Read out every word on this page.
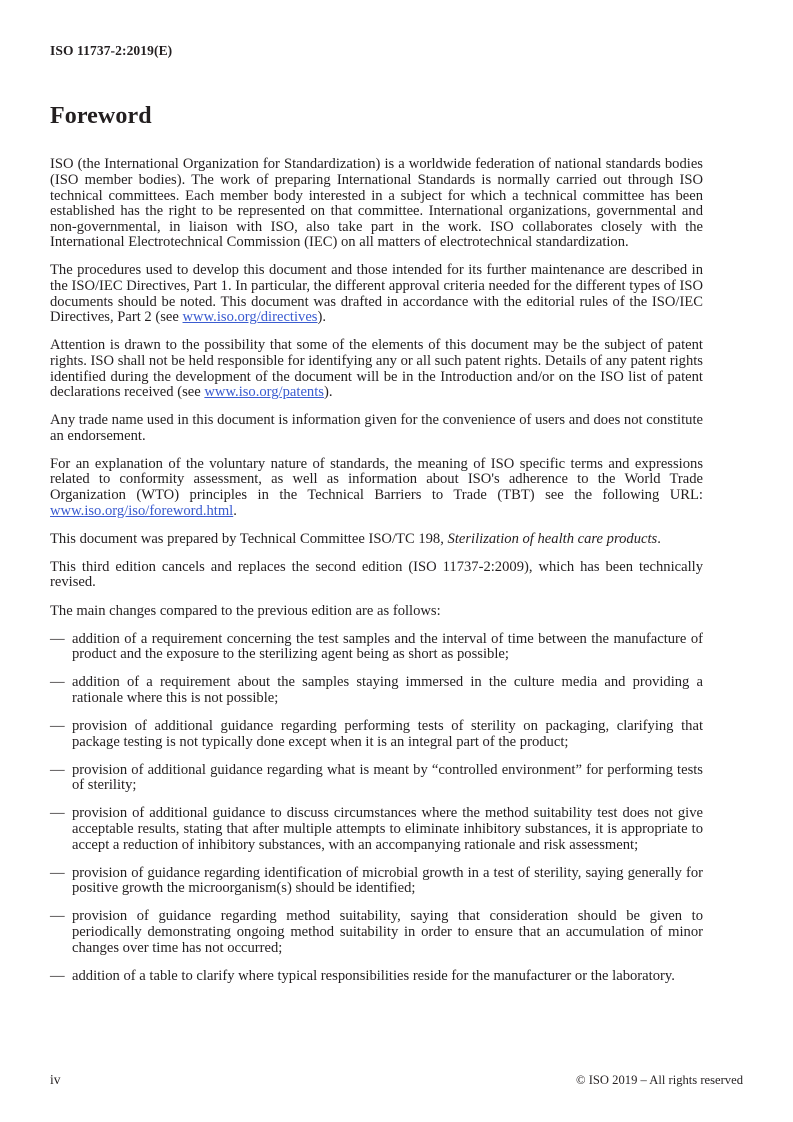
ISO 11737-2:2019(E)
Foreword

ISO (the International Organization for Standardization) is a worldwide federation of national standards bodies (ISO member bodies). The work of preparing International Standards is normally carried out through ISO technical committees. Each member body interested in a subject for which a technical committee has been established has the right to be represented on that committee. International organizations, governmental and non-governmental, in liaison with ISO, also take part in the work. ISO collaborates closely with the International Electrotechnical Commission (IEC) on all matters of electrotechnical standardization.

The procedures used to develop this document and those intended for its further maintenance are described in the ISO/IEC Directives, Part 1. In particular, the different approval criteria needed for the different types of ISO documents should be noted. This document was drafted in accordance with the editorial rules of the ISO/IEC Directives, Part 2 (see www.iso.org/directives).

Attention is drawn to the possibility that some of the elements of this document may be the subject of patent rights. ISO shall not be held responsible for identifying any or all such patent rights. Details of any patent rights identified during the development of the document will be in the Introduction and/or on the ISO list of patent declarations received (see www.iso.org/patents).

Any trade name used in this document is information given for the convenience of users and does not constitute an endorsement.

For an explanation of the voluntary nature of standards, the meaning of ISO specific terms and expressions related to conformity assessment, as well as information about ISO's adherence to the World Trade Organization (WTO) principles in the Technical Barriers to Trade (TBT) see the following URL: www.iso.org/iso/foreword.html.

This document was prepared by Technical Committee ISO/TC 198, Sterilization of health care products.

This third edition cancels and replaces the second edition (ISO 11737-2:2009), which has been technically revised.

The main changes compared to the previous edition are as follows:

— addition of a requirement concerning the test samples and the interval of time between the manufacture of product and the exposure to the sterilizing agent being as short as possible;
— addition of a requirement about the samples staying immersed in the culture media and providing a rationale where this is not possible;
— provision of additional guidance regarding performing tests of sterility on packaging, clarifying that package testing is not typically done except when it is an integral part of the product;
— provision of additional guidance regarding what is meant by “controlled environment” for performing tests of sterility;
— provision of additional guidance to discuss circumstances where the method suitability test does not give acceptable results, stating that after multiple attempts to eliminate inhibitory substances, it is appropriate to accept a reduction of inhibitory substances, with an accompanying rationale and risk assessment;
— provision of guidance regarding identification of microbial growth in a test of sterility, saying generally for positive growth the microorganism(s) should be identified;
— provision of guidance regarding method suitability, saying that consideration should be given to periodically demonstrating ongoing method suitability in order to ensure that an accumulation of minor changes over time has not occurred;
— addition of a table to clarify where typical responsibilities reside for the manufacturer or the laboratory.
iv	© ISO 2019 – All rights reserved
